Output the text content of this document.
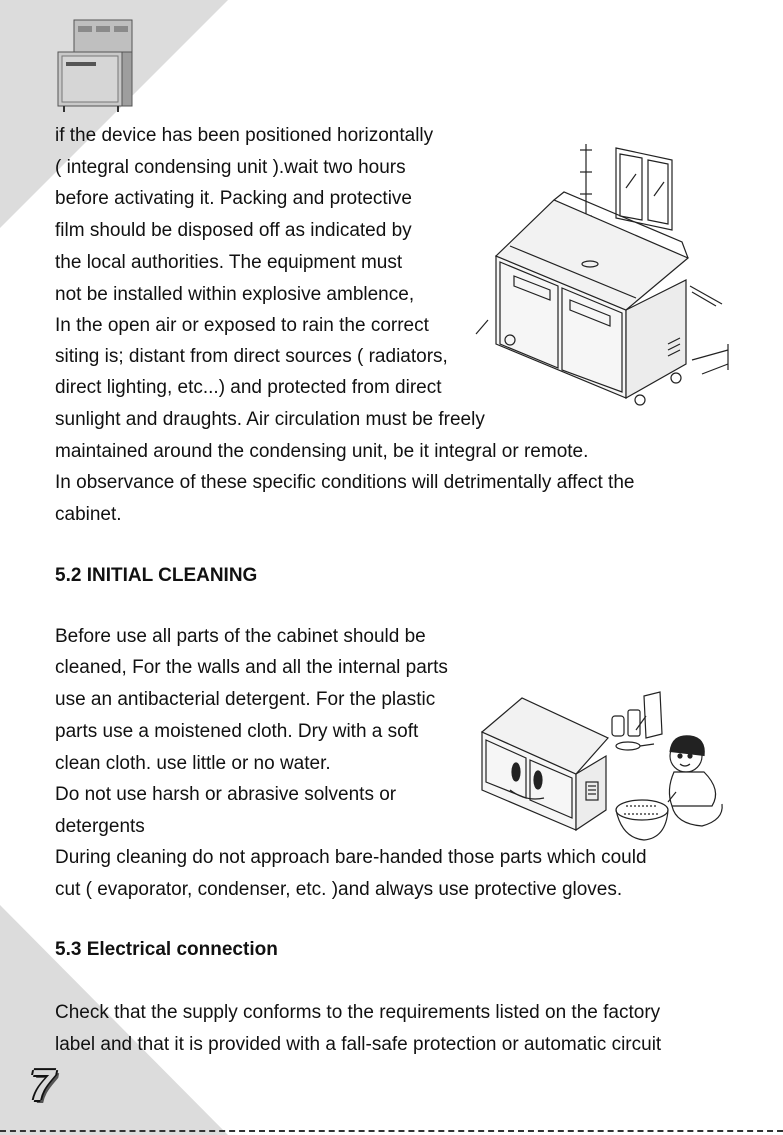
if the device has been positioned horizontally
( integral condensing unit ).wait two hours
before activating it. Packing and protective
film should be disposed off as indicated by
the local authorities. The equipment must
not be installed within explosive amblence,
In the open air or exposed to rain the correct
siting is; distant from direct sources ( radiators,
direct lighting, etc...) and protected from direct
sunlight and draughts. Air circulation must be freely
maintained around the condensing unit, be it integral or remote.
In observance of these specific conditions will detrimentally affect the
cabinet.
5.2 INITIAL CLEANING
Before use all parts of the cabinet should be
cleaned, For the walls and all the internal parts
use an antibacterial detergent. For the plastic
parts use a moistened cloth. Dry with a soft
clean cloth. use little or no water.
Do not use harsh or abrasive solvents or
detergents
During cleaning do not approach bare-handed those parts which could
cut ( evaporator, condenser, etc. )and always use protective gloves.
5.3 Electrical connection
Check that the supply conforms to the requirements listed on the factory
label and that it is provided with a fall-safe protection or automatic circuit
7
